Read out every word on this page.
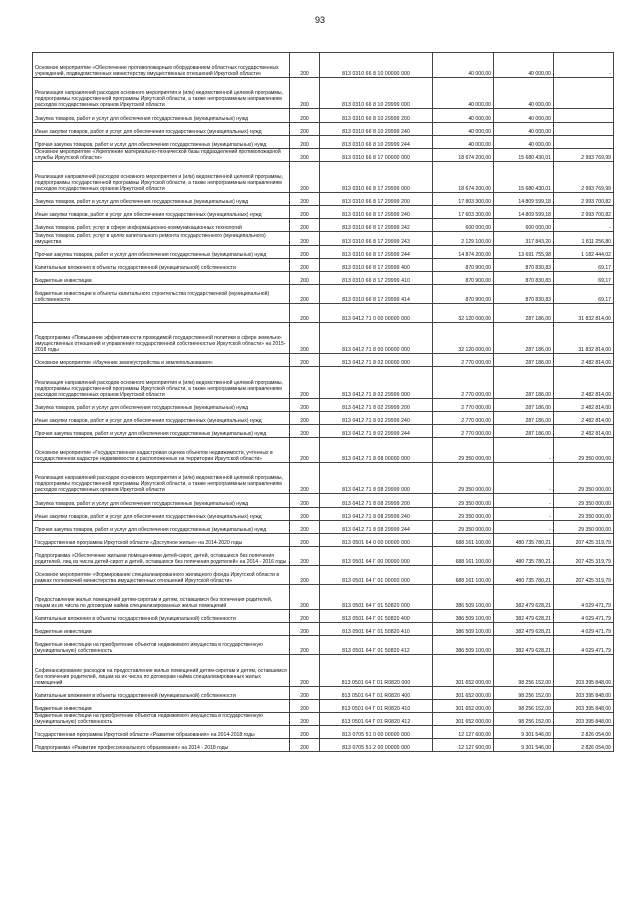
93
Основное мероприятие «Обеспечение противопожарным оборудованием областных государственных учреждений, подведомственных министерству имущественных отношений Иркутской области»	200	813 0310 66 8 10 00000 000	40 000,00	40 000,00	-
Реализация направлений расходов основного мероприятия и (или) ведомственной целевой программы, подпрограммы государственной программы Иркутской области, а также непрограммным направлениям расходов государственных органов Иркутской области	200	813 0310 66 8 10 29999 000	40 000,00	40 000,00	
Закупка товаров, работ и услуг для обеспечения государственных (муниципальных) нужд	200	813 0310 66 8 10 29999 200	40 000,00	40 000,00	
Иные закупки товаров, работ и услуг для обеспечения государственных (муниципальных) нужд	200	813 0310 66 8 10 29999 240	40 000,00	40 000,00	
Прочая закупка товаров, работ и услуг для обеспечения государственных (муниципальных) нужд	200	813 0310 66 8 10 29999 244	40 000,00	40 000,00	
Основное мероприятие «Укрепление материально-технической базы подразделений противопожарной службы Иркутской области»	200	813 0310 66 8 17 00000 000	18 674 200,00	15 680 430,01	2 993 769,99
Реализация направлений расходов основного мероприятия и (или) ведомственной целевой программы, подпрограммы государственной программы Иркутской области, а также непрограммным направлениям расходов государственных органов Иркутской области	200	813 0310 66 8 17 29999 000	18 674 200,00	15 680 430,01	2 993 769,99
Закупка товаров, работ и услуг для обеспечения государственных (муниципальных) нужд	200	813 0310 66 8 17 29999 200	17 803 300,00	14 809 599,18	2 993 700,82
Иные закупки товаров, работ и услуг для обеспечения государственных (муниципальных) нужд	200	813 0310 66 8 17 29999 240	17 603 300,00	14 809 599,18	2 993 700,82
Закупка товаров, работ, услуг в сфере информационно-коммуникационных технологий	200	813 0310 66 8 17 29999 242	600 000,00	600 000,00	-
Закупка товаров, работ, услуг в целях капитального ремонта государственного (муниципального) имущества	200	813 0310 66 8 17 29999 243	2 129 100,00	317 843,20	1 811 256,80
Прочая закупка товаров, работ и услуг для обеспечения государственных (муниципальных) нужд	200	813 0310 66 8 17 29999 244	14 874 200,00	13 691 755,98	1 182 444,02
Капитальные вложения в объекты государственной (муниципальной) собственности	200	813 0310 66 8 17 29999 400	870 900,00	870 830,83	69,17
Бюджетные инвестиции	200	813 0310 66 8 17 29999 410	870 900,00	870 830,83	69,17
Бюджетные инвестиции в объекты капитального строительства государственной (муниципальной) собственности	200	813 0310 66 8 17 29999 414	870 900,00	870 830,83	69,17
	200	813 0412 71 0 00 00000 000	32 120 000,00	287 186,00	31 832 814,00
Подпрограмма «Повышение эффективности проводимой государственной политики в сфере земельно-имущественных отношений и управления государственной собственностью Иркутской области» на 2015-2018 годы	200	813 0412 71 8 00 00000 000	32 120 000,00	287 186,00	31 832 814,00
Основное мероприятие «Изучение землеустройства и землепользования»	200	813 0412 71 8 02 00000 000	2 770 000,00	287 186,00	2 482 814,00
Реализация направлений расходов основного мероприятия и (или) ведомственной целевой программы, подпрограммы государственной программы Иркутской области, а также непрограммным направлениям расходов государственных органов Иркутской области	200	813 0412 71 8 02 29999 000	2 770 000,00	287 186,00	2 482 814,00
Закупка товаров, работ и услуг для обеспечения государственных (муниципальных) нужд	200	813 0412 71 8 02 29999 200	2 770 000,00	287 186,00	2 482 814,00
Иные закупки товаров, работ и услуг для обеспечения государственных (муниципальных) нужд	200	813 0412 71 8 02 29999 240	2 770 000,00	287 186,00	2 482 814,00
Прочая закупка товаров, работ и услуг для обеспечения государственных (муниципальных) нужд	200	813 0412 71 8 02 29999 244	2 770 000,00	287 186,00	2 482 814,00
Основное мероприятие «Государственная кадастровая оценка объектов недвижимости, учтенных в государственном кадастре недвижимости и расположенных на территории Иркутской области»	200	813 0412 71 8 08 00000 000	29 350 000,00	-	29 350 000,00
Реализация направлений расходов основного мероприятия и (или) ведомственной целевой программы, подпрограммы государственной программы Иркутской области, а также непрограммным направлениям расходов государственных органов Иркутской области	200	813 0412 71 8 08 29999 000	29 350 000,00	-	29 350 000,00
Закупка товаров, работ и услуг для обеспечения государственных (муниципальных) нужд	200	813 0412 71 8 08 29999 200	29 350 000,00	-	29 350 000,00
Иные закупки товаров, работ и услуг для обеспечения государственных (муниципальных) нужд	200	813 0412 71 8 08 29999 240	29 350 000,00	-	29 350 000,00
Прочая закупка товаров, работ и услуг для обеспечения государственных (муниципальных) нужд	200	813 0412 71 8 08 29999 244	29 350 000,00	-	29 350 000,00
Государственная программа Иркутской области «Доступное жилье» на 2014-2020 годы	200	813 0501 64 0 00 00000 000	688 161 100,00	480 735 780,21	207 425 319,79
Подпрограмма «Обеспечение жилыми помещениями детей-сирот, детей, оставшихся без попечения родителей, лиц из числа детей-сирот и детей, оставшихся без попечения родителей» на 2014 - 2016 годы	200	813 0501 64 Г 00 00000 000	688 161 100,00	480 735 780,21	207 425 319,79
Основное мероприятие «Формирование специализированного жилищного фонда Иркутской области в рамках полномочий министерства имущественных отношений Иркутской области»	200	813 0501 64 Г 01 00000 000	688 161 100,00	480 735 780,21	207 425 319,79
Предоставление жилых помещений детям-сиротам и детям, оставшимся без попечения родителей, лицам из их числа по договорам найма специализированных жилых помещений	200	813 0501 64 Г 01 50820 000	386 509 100,00	382 479 628,21	4 029 471,79
Капитальные вложения в объекты государственной (муниципальной) собственности	200	813 0501 64 Г 01 50820 400	386 509 100,00	382 479 628,21	4 029 471,79
Бюджетные инвестиции	200	813 0501 64 Г 01 50820 410	386 509 100,00	382 479 628,21	4 029 471,79
Бюджетные инвестиции на приобретение объектов недвижимого имущества в государственную (муниципальную) собственность	200	813 0501 64 Г 01 50820 412	386 509 100,00	382 479 628,21	4 029 471,79
Софинансирование расходов на предоставление жилых помещений детям-сиротам и детям, оставшимся без попечения родителей, лицам из их числа по договорам найма специализированных жилых помещений	200	813 0501 64 Г 01 R0820 000	301 652 000,00	98 256 152,00	203 395 848,00
Капитальные вложения в объекты государственной (муниципальной) собственности	200	813 0501 64 Г 01 R0820 400	301 652 000,00	98 256 152,00	203 395 848,00
Бюджетные инвестиции	200	813 0501 64 Г 01 R0820 410	301 652 000,00	98 256 152,00	203 395 848,00
Бюджетные инвестиции на приобретение объектов недвижимого имущества в государственную (муниципальную) собственность	200	813 0501 64 Г 01 R0820 412	301 652 000,00	98 256 152,00	203 395 848,00
Государственная программа Иркутской области «Развитие образования» на 2014-2018 годы	200	813 0705 51 0 00 00000 000	12 127 600,00	9 301 546,00	2 826 054,00
Подпрограмма «Развитие профессионального образования» на 2014 - 2018 годы	200	813 0705 51 2 00 00000 000	12 127 600,00	9 301 546,00	2 826 054,00
